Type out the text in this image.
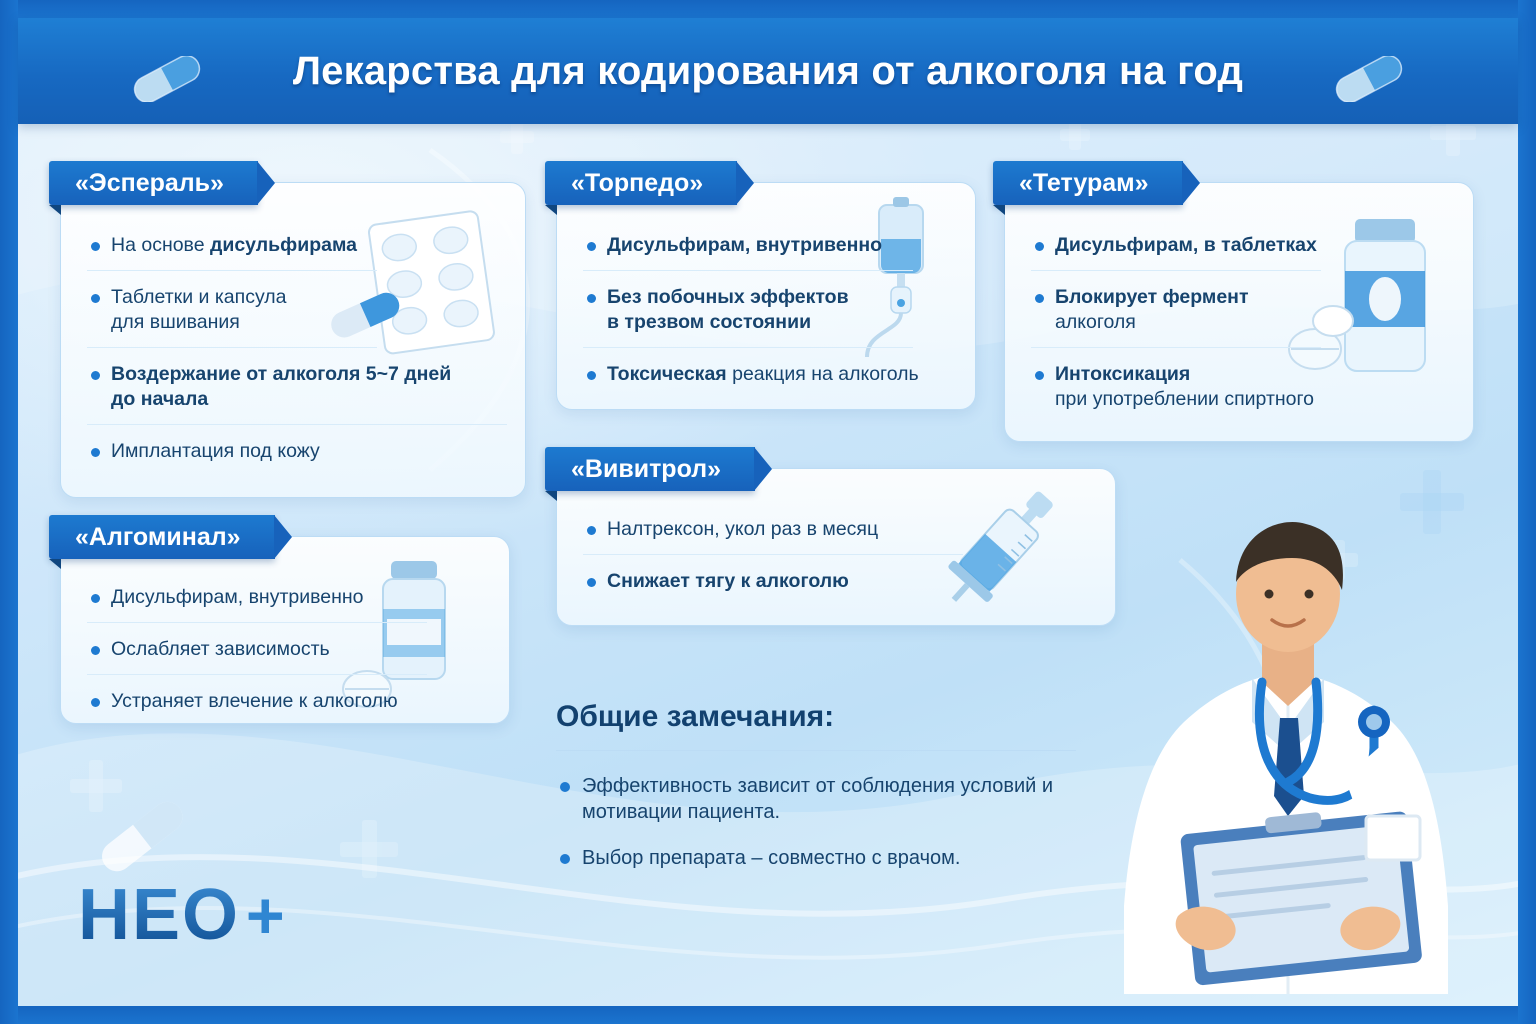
Лекарства для кодирования от алкоголя на год
«Эспераль»
На основе дисульфирама
Таблетки и капсула
для вшивания
Воздержание от алкоголя 5~7 дней
до начала
Имплантация под кожу
«Торпедо»
Дисульфирам, внутривенно
Без побочных эффектов
в трезвом состоянии
Токсическая реакция на алкоголь
«Тетурам»
Дисульфирам, в таблетках
Блокирует фермент
алкоголя
Интоксикация
при употреблении спиртного
«Вивитрол»
Налтрексон, укол раз в месяц
Снижает тягу к алкоголю
«Алгоминал»
Дисульфирам, внутривенно
Ослабляет зависимость
Устраняет влечение к алкоголю	Общие замечания:
Эффективность зависит от соблюдения условий и мотивации пациента.
Выбор препарата – совместно с врачом.
НЕО +
